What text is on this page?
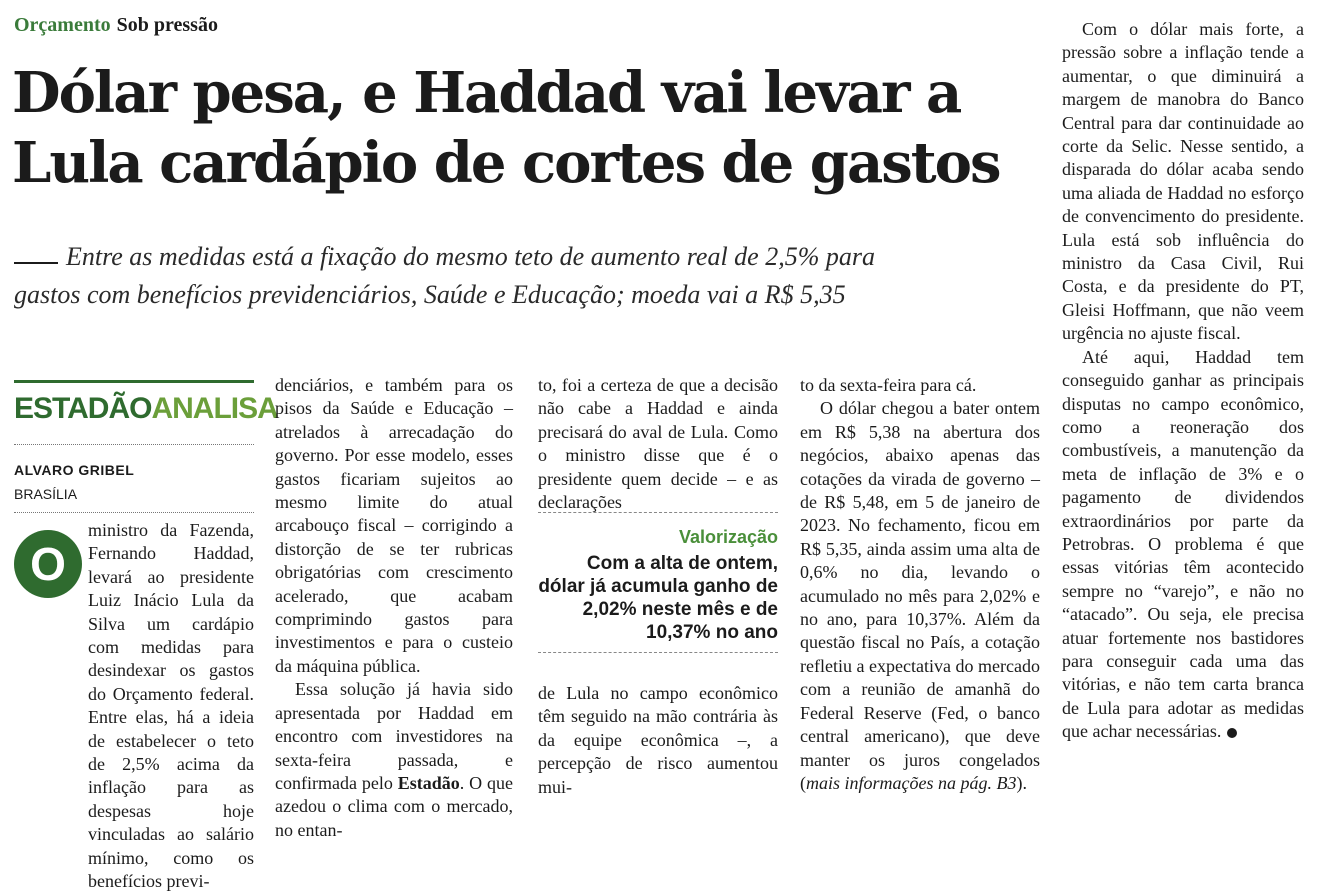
Orçamento Sob pressão
Dólar pesa, e Haddad vai levar a
Lula cardápio de cortes de gastos
Entre as medidas está a fixação do mesmo teto de aumento real de 2,5% para
gastos com benefícios previdenciários, Saúde e Educação; moeda vai a R$ 5,35
ESTADÃOANALISA
ALVARO GRIBEL
BRASÍLIA
O

ministro da Fazenda, Fernando Haddad, levará ao presidente Luiz Inácio Lula da Silva um cardápio com medidas para desindexar os gastos do Orçamento federal. Entre elas, há a ideia de estabelecer o teto de 2,5% acima da inflação para as despesas hoje vinculadas ao salário mínimo, como os benefícios previ-

denciários, e também para os pisos da Saúde e Educação – atrelados à arrecadação do governo. Por esse modelo, esses gastos ficariam sujeitos ao mesmo limite do atual arcabouço fiscal – corrigindo a distorção de se ter rubricas obrigatórias com crescimento acelerado, que acabam comprimindo gastos para investimentos e para o custeio da máquina pública.

Essa solução já havia sido apresentada por Haddad em encontro com investidores na sexta-feira passada, e confirmada pelo Estadão. O que azedou o clima com o mercado, no entan-

to, foi a certeza de que a decisão não cabe a Haddad e ainda precisará do aval de Lula. Como o ministro disse que é o presidente quem decide – e as declarações

Valorização
Com a alta de ontem, dólar já acumula ganho de 2,02% neste mês e de 10,37% no ano

de Lula no campo econômico têm seguido na mão contrária às da equipe econômica –, a percepção de risco aumentou mui-

to da sexta-feira para cá.

O dólar chegou a bater ontem em R$ 5,38 na abertura dos negócios, abaixo apenas das cotações da virada de governo – de R$ 5,48, em 5 de janeiro de 2023. No fechamento, ficou em R$ 5,35, ainda assim uma alta de 0,6% no dia, levando o acumulado no mês para 2,02% e no ano, para 10,37%. Além da questão fiscal no País, a cotação refletiu a expectativa do mercado com a reunião de amanhã do Federal Reserve (Fed, o banco central americano), que deve manter os juros congelados (mais informações na pág. B3).

Com o dólar mais forte, a pressão sobre a inflação tende a aumentar, o que diminuirá a margem de manobra do Banco Central para dar continuidade ao corte da Selic. Nesse sentido, a disparada do dólar acaba sendo uma aliada de Haddad no esforço de convencimento do presidente. Lula está sob influência do ministro da Casa Civil, Rui Costa, e da presidente do PT, Gleisi Hoffmann, que não veem urgência no ajuste fiscal.

Até aqui, Haddad tem conseguido ganhar as principais disputas no campo econômico, como a reoneração dos combustíveis, a manutenção da meta de inflação de 3% e o pagamento de dividendos extraordinários por parte da Petrobras. O problema é que essas vitórias têm acontecido sempre no “varejo”, e não no “atacado”. Ou seja, ele precisa atuar fortemente nos bastidores para conseguir cada uma das vitórias, e não tem carta branca de Lula para adotar as medidas que achar necessárias.
